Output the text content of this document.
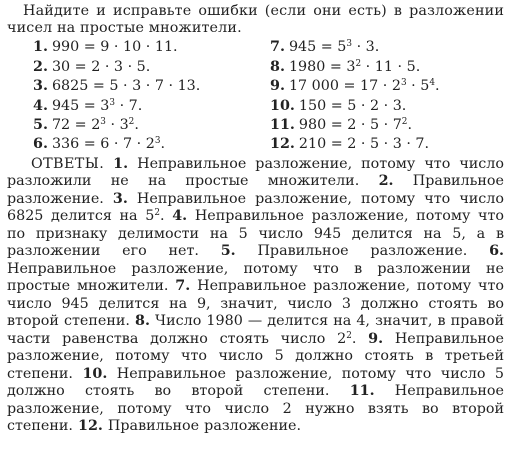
Найдите и исправьте ошибки (если они есть) в разложении чисел на простые множители.

1. 990 = 9 · 10 · 11.	7. $945 = 5^3 \cdot 3$.
2. 30 = 2 · 3 · 5.	8. $1980 = 3^2 \cdot 11 \cdot 5$.
3. 6825 = 5 · 3 · 7 · 13.	9. 17 $000 = 17 \cdot 2^3 \cdot 5^4$.
4. $945 = 3^3 \cdot 7$.	10. 150 = 5 · 2 · 3.
5. $72 = 2^3 \cdot 3^2$.	11. $980 = 2 \cdot 5 \cdot 7^2$.
6. $336 = 6 \cdot 7 \cdot 2^3$.	12. 210 = 2 · 5 · 3 · 7.

ОТВЕТЫ. 1. Неправильное разложение, потому что число разложили не на простые множители. 2. Правильное разложение. 3. Неправильное разложение, потому что число 6825 делится на $5^2$. 4. Неправильное разложение, потому что по признаку делимости на 5 число 945 делится на 5, а в разложении его нет. 5. Правильное разложение. 6. Неправильное разложение, потому что в разложении не простые множители. 7. Неправильное разложение, потому что число 945 делится на 9, значит, число 3 должно стоять во второй степени. 8. Число 1980 — делится на 4, значит, в правой части равенства должно стоять число $2^2$. 9. Неправильное разложение, потому что число 5 должно стоять в третьей степени. 10. Неправильное разложение, потому что число 5 должно стоять во второй степени. 11. Неправильное разложение, потому что число 2 нужно взять во второй степени. 12. Правильное разложение.
